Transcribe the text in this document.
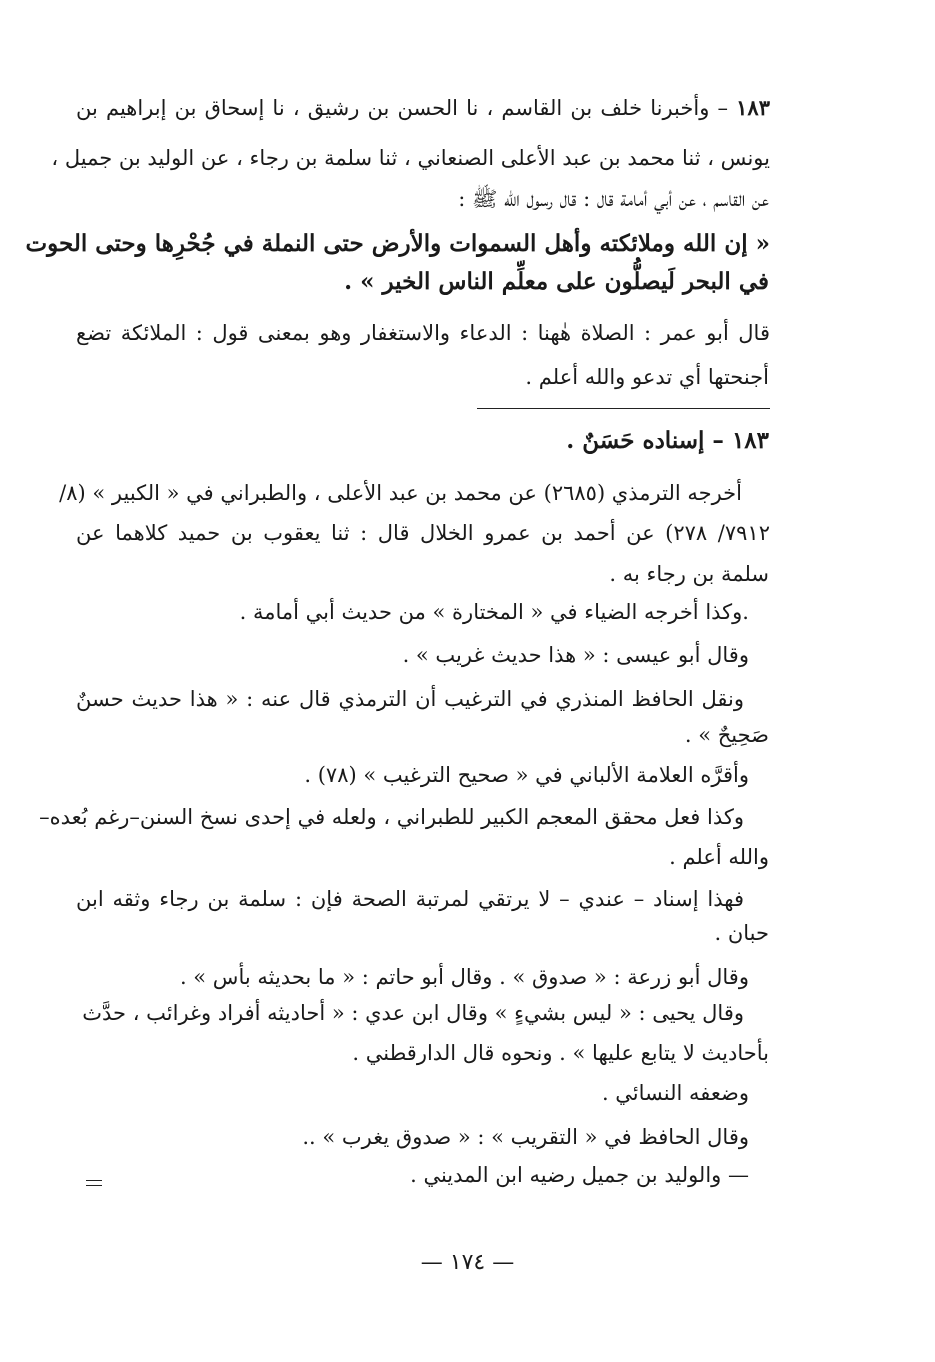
١٨٣ – وأخبرنا خلف بن القاسم ، نا الحسن بن رشيق ، نا إسحاق بن إبراهيم بن
يونس ، ثنا محمد بن عبد الأعلى الصنعاني ، ثنا سلمة بن رجاء ، عن الوليد بن جميل ،
عن القاسم ، عن أبي أمامة قال : قال رسول الله ﷺ :
« إن الله وملائكته وأهل السموات والأرض حتى النملة في جُحْرِها وحتى الحوت
في البحر لَيصلُّون على معلِّم الناس الخير » .
قال أبو عمر : الصلاة هٰهنا : الدعاء والاستغفار وهو بمعنى قول : الملائكة تضع
أجنحتها أي تدعو والله أعلم .
١٨٣ – إسناده حَسَنٌ .
أخرجه الترمذي (٢٦٨٥) عن محمد بن عبد الأعلى ، والطبراني في « الكبير » (٨/
٧٩١٢/ ٢٧٨) عن أحمد بن عمرو الخلال قال : ثنا يعقوب بن حميد كلاهما عن
سلمة بن رجاء به .
.وكذا أخرجه الضياء في « المختارة » من حديث أبي أمامة .
وقال أبو عيسى : « هذا حديث غريب » .
ونقل الحافظ المنذري في الترغيب أن الترمذي قال عنه : « هذا حديث حسنٌ
صَحِيحٌ » .
وأقرَّه العلامة الألباني في « صحيح الترغيب » (٧٨) .
وكذا فعل محقق المعجم الكبير للطبراني ، ولعله في إحدى نسخ السنن–رغم بُعده–
والله أعلم .
فهذا إسناد – عندي – لا يرتقي لمرتبة الصحة فإن : سلمة بن رجاء وثقه ابن
حبان .
وقال أبو زرعة : « صدوق » . وقال أبو حاتم : « ما بحديثه بأس » .
وقال يحيى : « ليس بشيءٍ » وقال ابن عدي : « أحاديثه أفراد وغرائب ، حدَّث
بأحاديث لا يتابع عليها » . ونحوه قال الدارقطني .
وضعفه النسائي .
وقال الحافظ في « التقريب » : « صدوق يغرب » ..
— والوليد بن جميل رضيه ابن المديني .
— ١٧٤ —
